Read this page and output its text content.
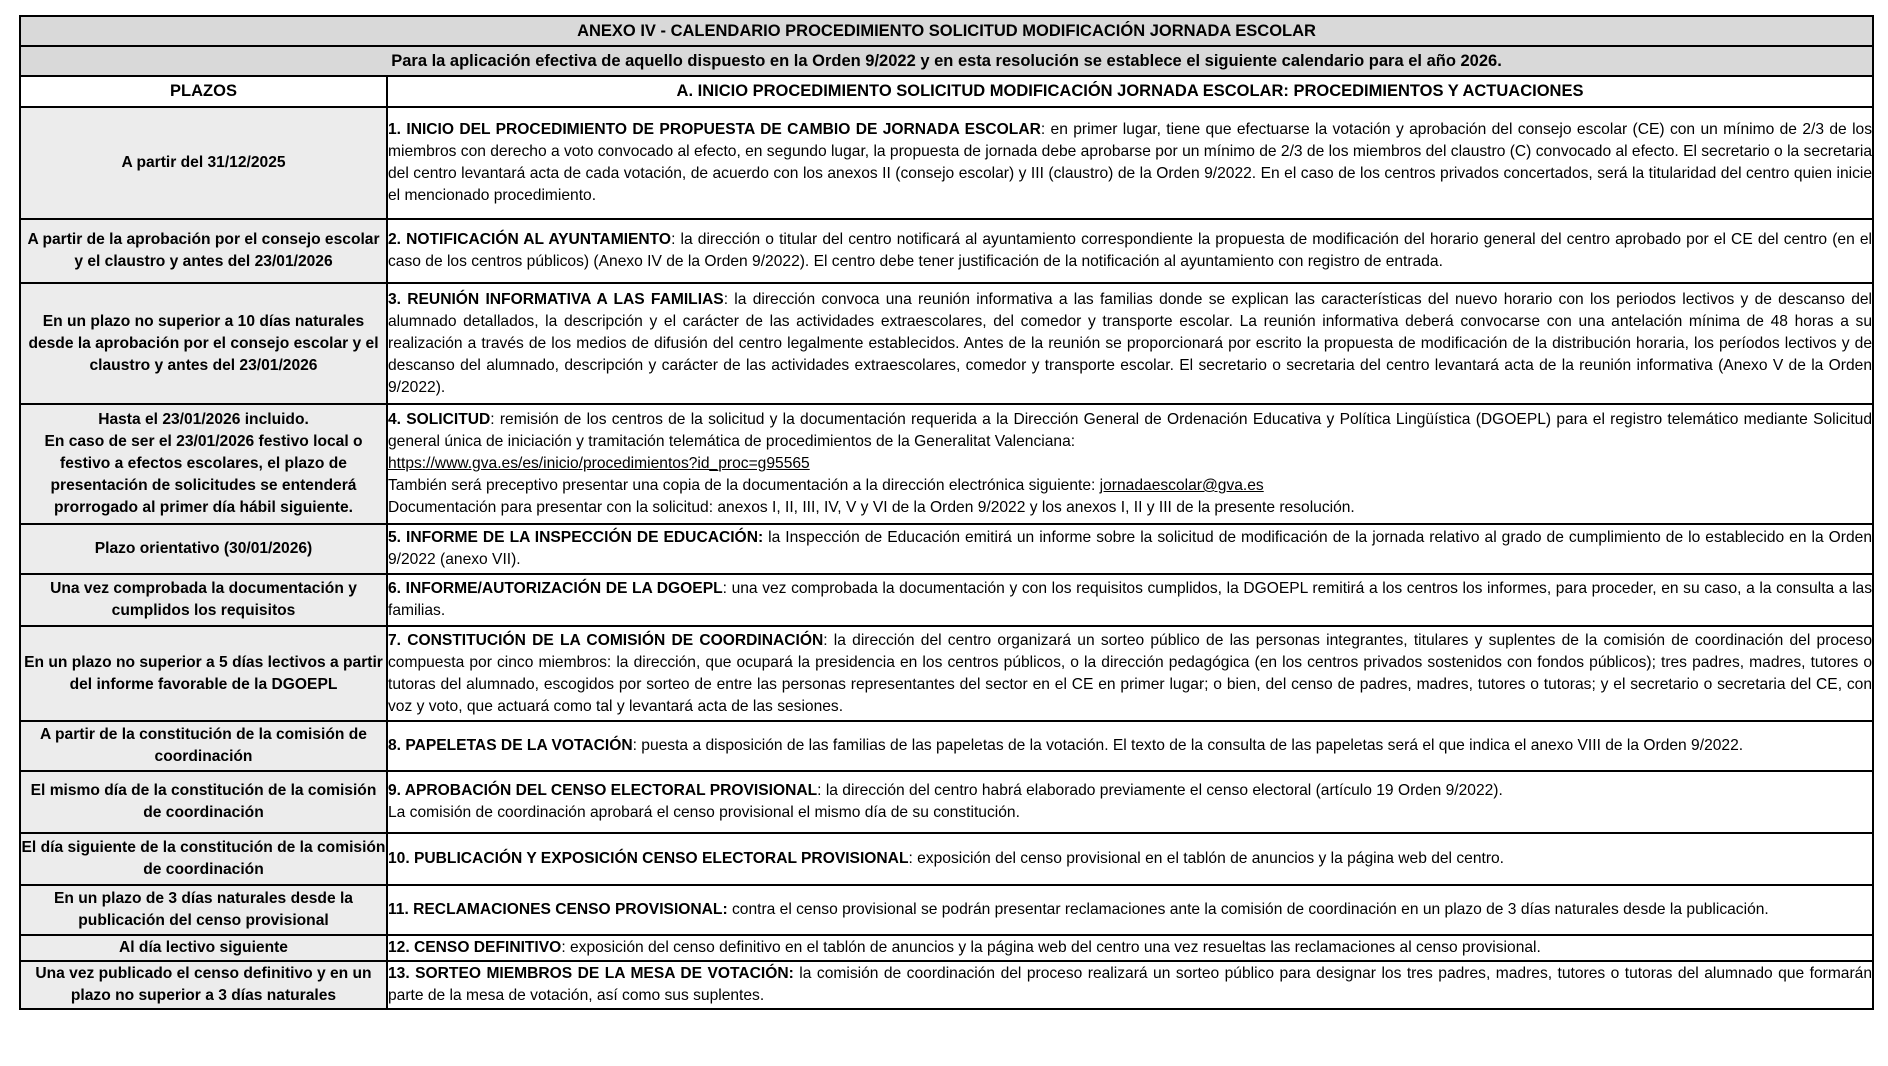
ANEXO IV - CALENDARIO PROCEDIMIENTO SOLICITUD MODIFICACIÓN JORNADA ESCOLAR	
Para la aplicación efectiva de aquello dispuesto en la Orden 9/2022 y en esta resolución se establece el siguiente calendario para el año 2026.	
PLAZOS	A. INICIO PROCEDIMIENTO SOLICITUD MODIFICACIÓN JORNADA ESCOLAR: PROCEDIMIENTOS Y ACTUACIONES
A partir del 31/12/2025	1. INICIO DEL PROCEDIMIENTO DE PROPUESTA DE CAMBIO DE JORNADA ESCOLAR: en primer lugar, tiene que efectuarse la votación y aprobación del consejo escolar (CE) con un mínimo de 2/3 de los miembros con derecho a voto convocado al efecto, en segundo lugar, la propuesta de jornada debe aprobarse por un mínimo de 2/3 de los miembros del claustro (C) convocado al efecto. El secretario o la secretaria del centro levantará acta de cada votación, de acuerdo con los anexos II (consejo escolar) y III (claustro) de la Orden 9/2022. En el caso de los centros privados concertados, será la titularidad del centro quien inicie el mencionado procedimiento.
A partir de la aprobación por el consejo escolar y el claustro y antes del 23/01/2026	2. NOTIFICACIÓN AL AYUNTAMIENTO: la dirección o titular del centro notificará al ayuntamiento correspondiente la propuesta de modificación del horario general del centro aprobado por el CE del centro (en el caso de los centros públicos) (Anexo IV de la Orden 9/2022). El centro debe tener justificación de la notificación al ayuntamiento con registro de entrada.
En un plazo no superior a 10 días naturales desde la aprobación por el consejo escolar y el claustro y antes del 23/01/2026	3. REUNIÓN INFORMATIVA A LAS FAMILIAS: la dirección convoca una reunión informativa a las familias donde se explican las características del nuevo horario con los periodos lectivos y de descanso del alumnado detallados, la descripción y el carácter de las actividades extraescolares, del comedor y transporte escolar. La reunión informativa deberá convocarse con una antelación mínima de 48 horas a su realización a través de los medios de difusión del centro legalmente establecidos. Antes de la reunión se proporcionará por escrito la propuesta de modificación de la distribución horaria, los períodos lectivos y de descanso del alumnado, descripción y carácter de las actividades extraescolares, comedor y transporte escolar. El secretario o secretaria del centro levantará acta de la reunión informativa (Anexo V de la Orden 9/2022).

Hasta el 23/01/2026 incluido.
En caso de ser el 23/01/2026 festivo local o festivo a efectos escolares, el plazo de presentación de solicitudes se entenderá prorrogado al primer día hábil siguiente.	4. SOLICITUD: remisión de los centros de la solicitud y la documentación requerida a la Dirección General de Ordenación Educativa y Política Lingüística (DGOEPL) para el registro telemático mediante Solicitud general única de iniciación y tramitación telemática de procedimientos de la Generalitat Valenciana:
https://www.gva.es/es/inicio/procedimientos?id_proc=g95565
También será preceptivo presentar una copia de la documentación a la dirección electrónica siguiente: jornadaescolar@gva.es
Documentación para presentar con la solicitud: anexos I, II, III, IV, V y VI de la Orden 9/2022 y los anexos I, II y III de la presente resolución.

Plazo orientativo (30/01/2026)	5. INFORME DE LA INSPECCIÓN DE EDUCACIÓN: la Inspección de Educación emitirá un informe sobre la solicitud de modificación de la jornada relativo al grado de cumplimiento de lo establecido en la Orden 9/2022 (anexo VII).
Una vez comprobada la documentación y cumplidos los requisitos	6. INFORME/AUTORIZACIÓN DE LA DGOEPL: una vez comprobada la documentación y con los requisitos cumplidos, la DGOEPL remitirá a los centros los informes, para proceder, en su caso, a la consulta a las familias.
En un plazo no superior a 5 días lectivos a partir del informe favorable de la DGOEPL	7. CONSTITUCIÓN DE LA COMISIÓN DE COORDINACIÓN: la dirección del centro organizará un sorteo público de las personas integrantes, titulares y suplentes de la comisión de coordinación del proceso compuesta por cinco miembros: la dirección, que ocupará la presidencia en los centros públicos, o la dirección pedagógica (en los centros privados sostenidos con fondos públicos); tres padres, madres, tutores o tutoras del alumnado, escogidos por sorteo de entre las personas representantes del sector en el CE en primer lugar; o bien, del censo de padres, madres, tutores o tutoras; y el secretario o secretaria del CE, con voz y voto, que actuará como tal y levantará acta de las sesiones.
A partir de la constitución de la comisión de coordinación	8. PAPELETAS DE LA VOTACIÓN: puesta a disposición de las familias de las papeletas de la votación. El texto de la consulta de las papeletas será el que indica el anexo VIII de la Orden 9/2022.
El mismo día de la constitución de la comisión de coordinación	9. APROBACIÓN DEL CENSO ELECTORAL PROVISIONAL: la dirección del centro habrá elaborado previamente el censo electoral (artículo 19 Orden 9/2022).
La comisión de coordinación aprobará el censo provisional el mismo día de su constitución.

El día siguiente de la constitución de la comisión de coordinación	10. PUBLICACIÓN Y EXPOSICIÓN CENSO ELECTORAL PROVISIONAL: exposición del censo provisional en el tablón de anuncios y la página web del centro.
En un plazo de 3 días naturales desde la publicación del censo provisional	11. RECLAMACIONES CENSO PROVISIONAL: contra el censo provisional se podrán presentar reclamaciones ante la comisión de coordinación en un plazo de 3 días naturales desde la publicación.
Al día lectivo siguiente	12. CENSO DEFINITIVO: exposición del censo definitivo en el tablón de anuncios y la página web del centro una vez resueltas las reclamaciones al censo provisional.
Una vez publicado el censo definitivo y en un plazo no superior a 3 días naturales	13. SORTEO MIEMBROS DE LA MESA DE VOTACIÓN: la comisión de coordinación del proceso realizará un sorteo público para designar los tres padres, madres, tutores o tutoras del alumnado que formarán parte de la mesa de votación, así como sus suplentes.
